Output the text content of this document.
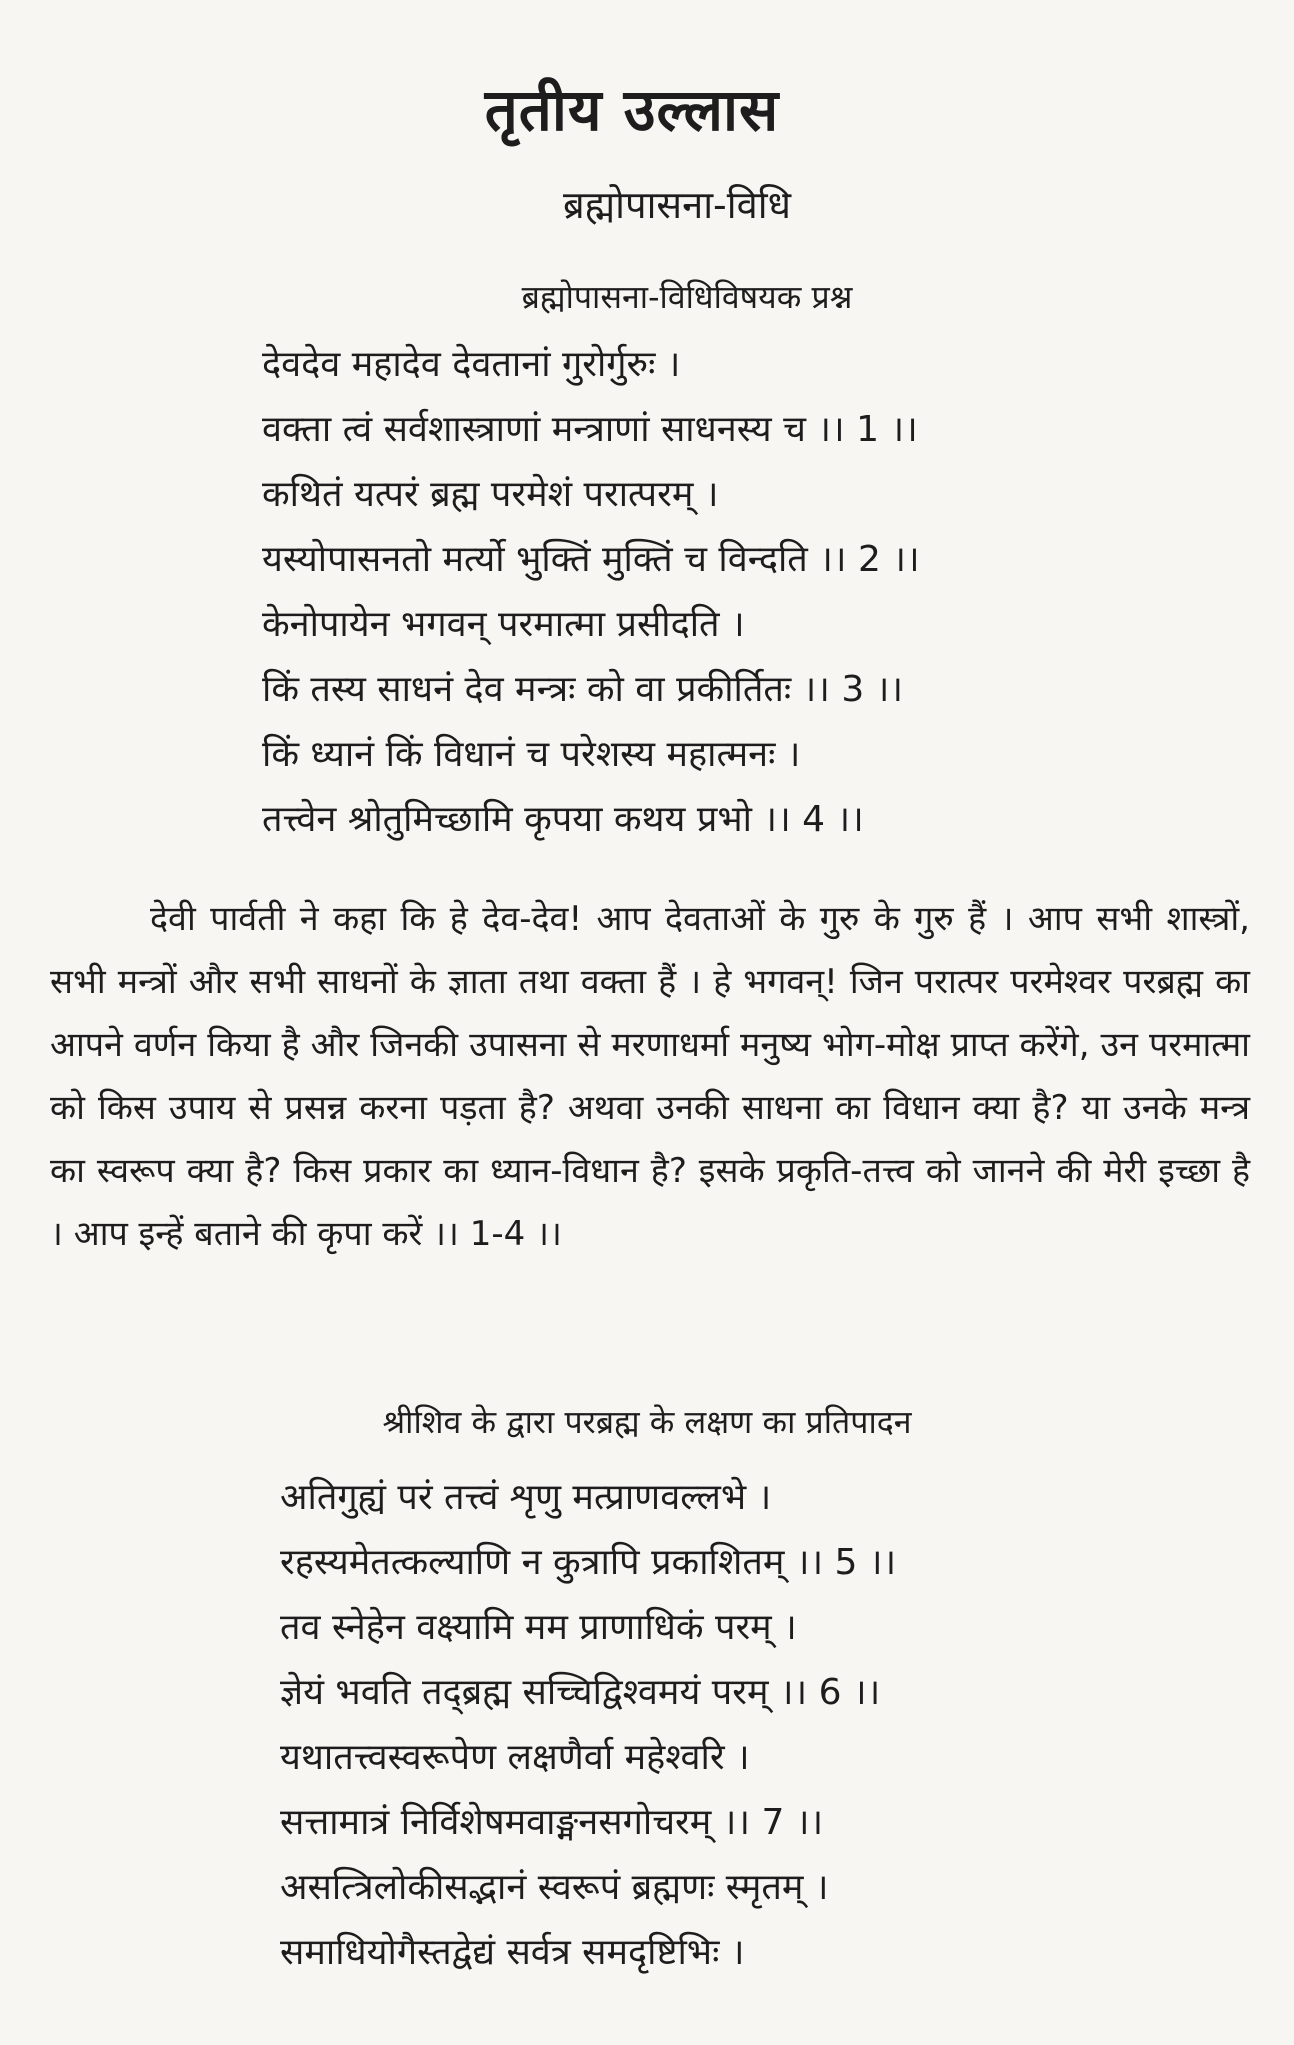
तृतीय उल्लास
ब्रह्मोपासना-विधि
ब्रह्मोपासना-विधिविषयक प्रश्न

देवदेव महादेव देवतानां गुरोर्गुरुः ।

वक्ता त्वं सर्वशास्त्राणां मन्त्राणां साधनस्य च ।। 1 ।।

कथितं यत्परं ब्रह्म परमेशं परात्परम् ।

यस्योपासनतो मर्त्यो भुक्तिं मुक्तिं च विन्दति ।। 2 ।।

केनोपायेन भगवन् परमात्मा प्रसीदति ।

किं तस्य साधनं देव मन्त्रः को वा प्रकीर्तितः ।। 3 ।।

किं ध्यानं किं विधानं च परेशस्य महात्मनः ।

तत्त्वेन श्रोतुमिच्छामि कृपया कथय प्रभो ।। 4 ।।

देवी पार्वती ने कहा कि हे देव-देव! आप देवताओं के गुरु के गुरु हैं । आप सभी शास्त्रों, सभी मन्त्रों और सभी साधनों के ज्ञाता तथा वक्ता हैं । हे भगवन्! जिन परात्पर परमेश्वर परब्रह्म का आपने वर्णन किया है और जिनकी उपासना से मरणाधर्मा मनुष्य भोग-मोक्ष प्राप्त करेंगे, उन परमात्मा को किस उपाय से प्रसन्न करना पड़ता है? अथवा उनकी साधना का विधान क्या है? या उनके मन्त्र का स्वरूप क्या है? किस प्रकार का ध्यान-विधान है? इसके प्रकृति-तत्त्व को जानने की मेरी इच्छा है । आप इन्हें बताने की कृपा करें ।। 1-4 ।।

श्रीशिव के द्वारा परब्रह्म के लक्षण का प्रतिपादन

अतिगुह्यं परं तत्त्वं शृणु मत्प्राणवल्लभे ।

रहस्यमेतत्कल्याणि न कुत्रापि प्रकाशितम् ।। 5 ।।

तव स्नेहेन वक्ष्यामि मम प्राणाधिकं परम् ।

ज्ञेयं भवति तद्ब्रह्म सच्चिद्विश्वमयं परम् ।। 6 ।।

यथातत्त्वस्वरूपेण लक्षणैर्वा महेश्वरि ।

सत्तामात्रं निर्विशेषमवाङ्मनसगोचरम् ।। 7 ।।

असत्त्रिलोकीसद्भानं स्वरूपं ब्रह्मणः स्मृतम् ।

समाधियोगैस्तद्वेद्यं सर्वत्र समदृष्टिभिः ।
